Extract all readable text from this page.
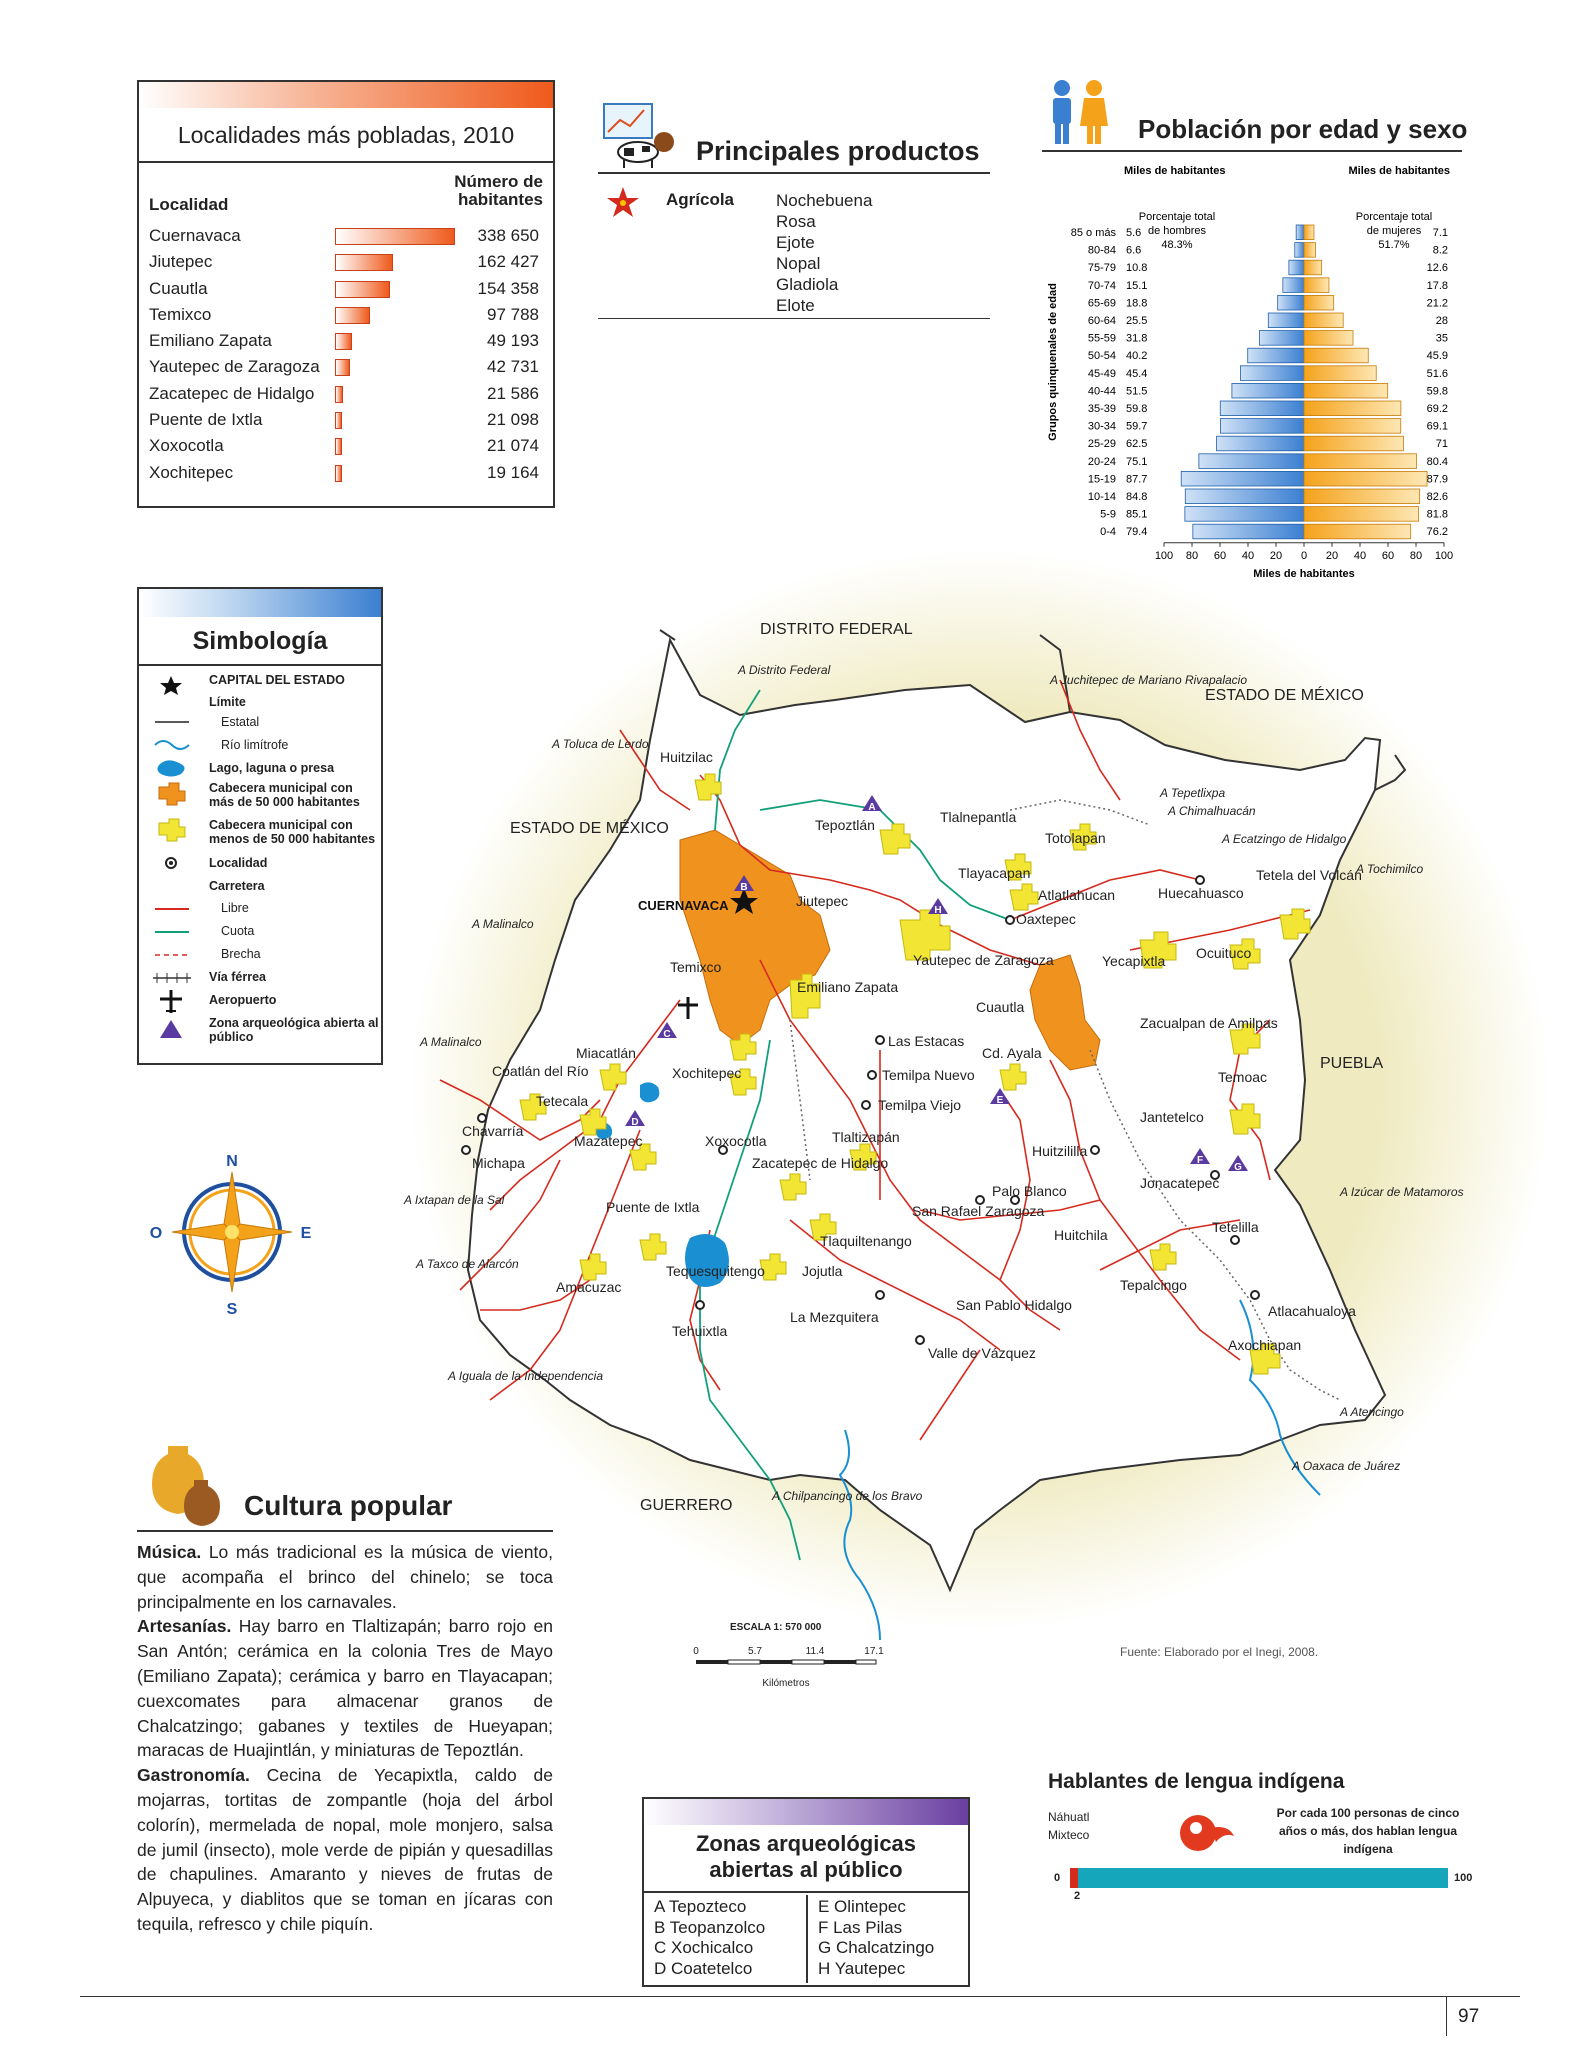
Localidades más pobladas, 2010
Localidad
Número de habitantes
Cuernavaca	338 650
Jiutepec	162 427
Cuautla	154 358
Temixco	97 788
Emiliano Zapata	49 193
Yautepec de Zaragoza	42 731
Zacatepec de Hidalgo	21 586
Puente de Ixtla	21 098
Xoxocotla	21 074
Xochitepec	19 164
Principales productos
Agrícola Nochebuena
Rosa
Ejote
Nopal
Gladiola
Elote
Población por edad y sexo
Miles de habitantes	Miles de habitantes
Grupos quinquenales de edad
85 o más 5.6	7.1
80-84 6.6	8.2
75-79 10.8	12.6
70-74 15.1	17.8
65-69 18.8	21.2
60-64 25.5	28
55-59 31.8	35
50-54 40.2	45.9
45-49 45.4	51.6
40-44 51.5	59.8
35-39 59.8	69.2
30-34 59.7	69.1
25-29 62.5	71
20-24 75.1	80.4
15-19 87.7	87.9
10-14 84.8	82.6
5-9 85.1	81.8
0-4 79.4	76.2
Porcentaje total de hombres
48.3%
Porcentaje total de mujeres
51.7%
100 80 60 40 20 0 20 40 60 80 100
Miles de habitantes
Simbología
CAPITAL DEL ESTADO
Límite
Estatal
Río limítrofe
Lago, laguna o presa
Cabecera municipal con más de 50 000 habitantes
Cabecera municipal con menos de 50 000 habitantes
Localidad
Carretera
Libre
Cuota
Brecha
Vía férrea
Aeropuerto
Zona arqueológica abierta al público
N
S
E
O
A
B
C
D
E
F
G
H
DISTRITO FEDERAL
ESTADO DE MÉXICO
ESTADO DE MÉXICO
PUEBLA
GUERRERO
CUERNAVACA
Huitzilac
Tepoztlán	Tlalnepantla
Totolapan
Tlayacapan
Atlatlahucan	Huecahuasco
Tetela del Volcán
Jiutepec
Oaxtepec
Yautepec de Zaragoza	Yecapixtla Ocuituco
Temixco
Emiliano Zapata
Cuautla
Zacualpan de Amilpas
Las Estacas
Cd. Ayala
Temoac
Miacatlán
Xochitepec	Temilpa Nuevo
Temilpa Viejo
Coatlán del Río
Tetecala
Chavarría
Michapa
Mazatepec	Xoxocotla	Tlaltizapán
Jantetelco
Huitzililla
Zacatepec de Hidalgo
Jonacatepec
Palo Blanco
Puente de Ixtla	San Rafael Zaragoza
Huitchila	Tetelilla
Tlaquiltenango
Tequesquitengo	Jojutla
Amacuzac	Tepalcingo
San Pablo Hidalgo
La Mezquitera	Atlacahualoya
Tehuixtla
Axochiapan
Valle de Vázquez
A Distrito Federal
A Juchitepec de Mariano Rivapalacio
A Toluca de Lerdo
A Tepetlixpa
A Chimalhuacán
A Ecatzingo de Hidalgo
A Tochimilco
A Malinalco
A Malinalco
A Ixtapan de la Sal
A Izúcar de Matamoros
A Taxco de Alarcón
A Iguala de la Independencia
A Atencingo
A Oaxaca de Juárez
A Chilpancingo de los Bravo
ESCALA 1: 570 000
0	5.7	11.4	17.1
Kilómetros
Fuente: Elaborado por el Inegi, 2008.
Cultura popular

Música. Lo más tradicional es la música de viento, que acompaña el brinco del chinelo; se toca principalmente en los carnavales.

Artesanías. Hay barro en Tlaltizapán; barro rojo en San Antón; cerámica en la colonia Tres de Mayo (Emiliano Zapata); cerámica y barro en Tlayacapan; cuexcomates para almacenar granos de Chalcatzingo; gabanes y textiles de Hueyapan; maracas de Huajintlán, y miniaturas de Tepoztlán.

Gastronomía. Cecina de Yecapixtla, caldo de mojarras, tortitas de zompantle (hoja del árbol colorín), mermelada de nopal, mole monjero, salsa de jumil (insecto), mole verde de pipián y quesadillas de chapulines. Amaranto y nieves de frutas de Alpuyeca, y diablitos que se toman en jícaras con tequila, refresco y chile piquín.

Zonas arqueológicas abiertas al público
A Tepozteco
B Teopanzolco
C Xochicalco
D Coatetelco
E Olintepec
F Las Pilas
G Chalcatzingo
H Yautepec
Hablantes de lengua indígena
Náhuatl
Mixteco
Por cada 100 personas de cinco años o más, dos hablan lengua indígena
0	100
2
97
